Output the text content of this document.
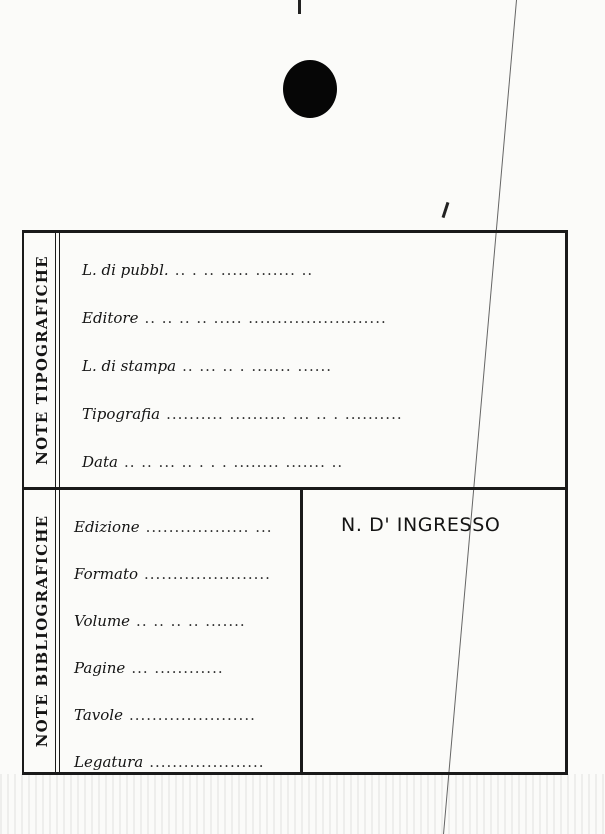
NOTE TIPOGRAFICHE L. di pubbl. .. . .. ..... ....... ..
Editore .. .. .. .. ..... ........................
L. di stampa .. ... .. . ....... ......
Tipografia .......... .......... ... .. . ..........
Data .. .. ... .. . . . ........ ....... ..
NOTE BIBLIOGRAFICHE Edizione .................. ...
Formato ......................
Volume .. .. .. .. .......
Pagine ... ............
Tavole ......................
Legatura ....................
N. D' INGRESSO
